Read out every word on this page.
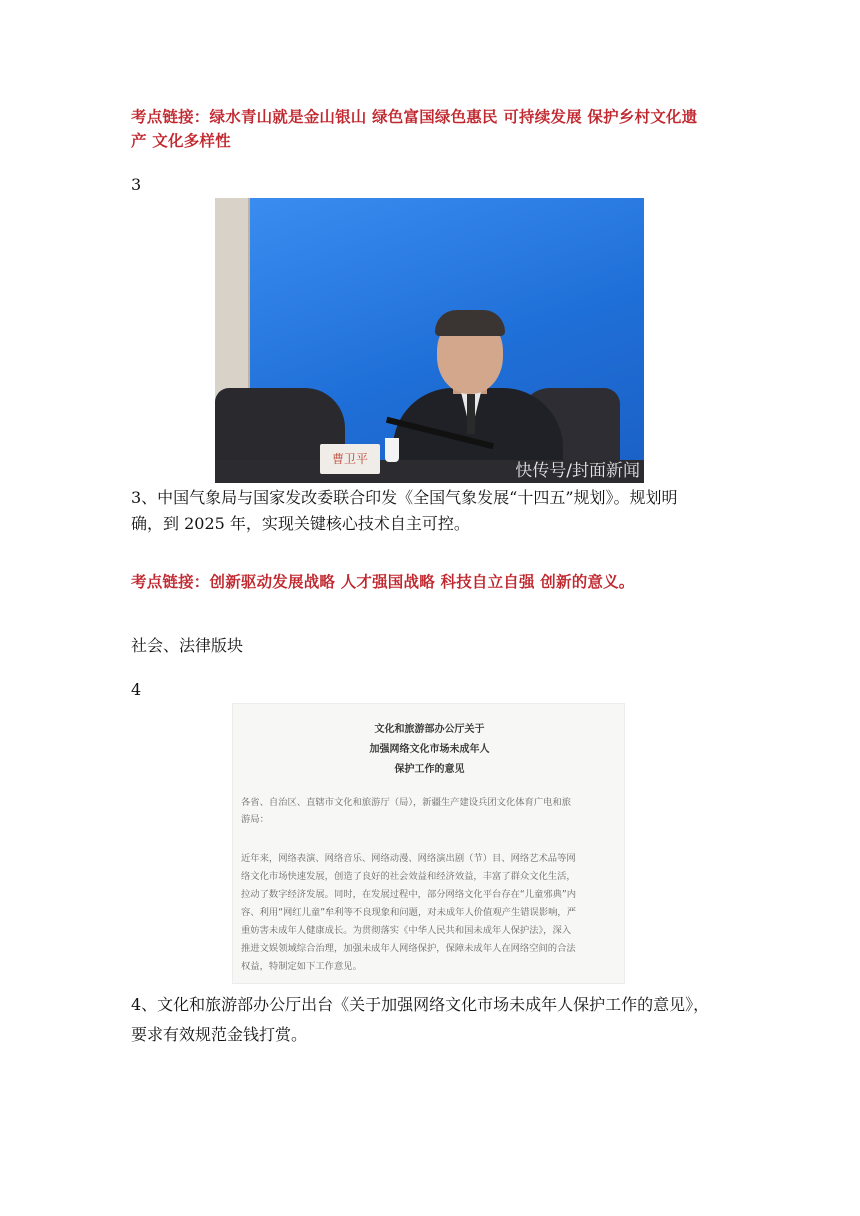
考点链接：绿水青山就是金山银山 绿色富国绿色惠民 可持续发展 保护乡村文化遗
产 文化多样性
3
曹卫平
快传号/封面新闻
3、中国气象局与国家发改委联合印发《全国气象发展“十四五”规划》。规划明
确，到 2025 年，实现关键核心技术自主可控。
考点链接：创新驱动发展战略 人才强国战略 科技自立自强 创新的意义。
社会、法律版块
4
文化和旅游部办公厅关于
加强网络文化市场未成年人
保护工作的意见
各省、自治区、直辖市文化和旅游厅（局），新疆生产建设兵团文化体育广电和旅
游局：
近年来，网络表演、网络音乐、网络动漫、网络演出剧（节）目、网络艺术品等网
络文化市场快速发展，创造了良好的社会效益和经济效益，丰富了群众文化生活，
拉动了数字经济发展。同时，在发展过程中，部分网络文化平台存在“儿童邪典”内
容、利用“网红儿童”牟利等不良现象和问题，对未成年人价值观产生错误影响，严
重妨害未成年人健康成长。为贯彻落实《中华人民共和国未成年人保护法》，深入
推进文娱领域综合治理，加强未成年人网络保护，保障未成年人在网络空间的合法
权益，特制定如下工作意见。
4、文化和旅游部办公厅出台《关于加强网络文化市场未成年人保护工作的意见》，
要求有效规范金钱打赏。
